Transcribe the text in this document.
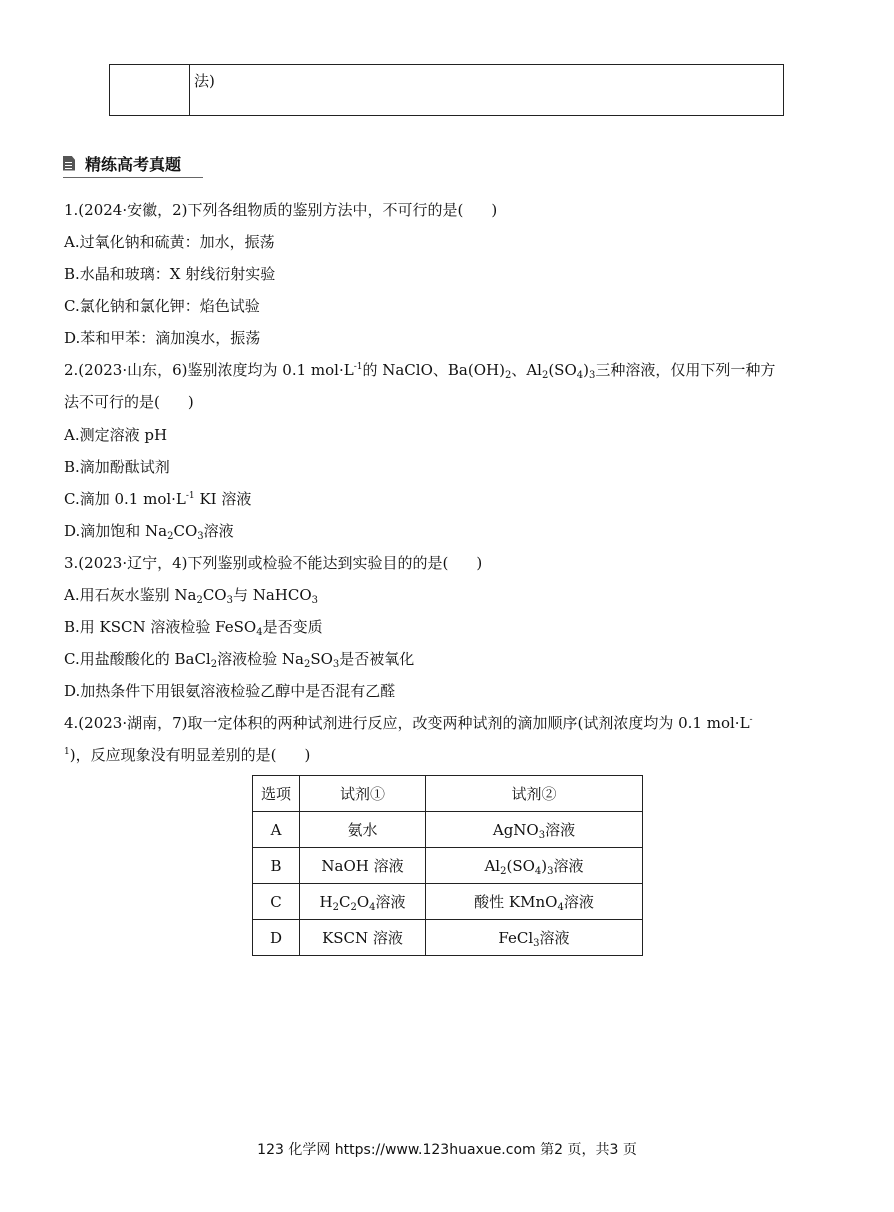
法)
精练高考真题
1.(2024·安徽，2)下列各组物质的鉴别方法中，不可行的是( )
A.过氧化钠和硫黄：加水，振荡
B.水晶和玻璃：X 射线衍射实验
C.氯化钠和氯化钾：焰色试验
D.苯和甲苯：滴加溴水，振荡
2.(2023·山东，6)鉴别浓度均为 0.1 $mol\cdot L^{-1}$的 NaClO、$Ba(OH)_2$、$Al_2(SO_4)_3$三种溶液，仅用下列一种方
法不可行的是( )
A.测定溶液 pH
B.滴加酚酞试剂
C.滴加 0.1 $mol\cdot L^{-1}$ KI 溶液
D.滴加饱和 $Na_2CO_3$溶液
3.(2023·辽宁，4)下列鉴别或检验不能达到实验目的的是( )
A.用石灰水鉴别 $Na_2CO_3$与 NaHCO$_3$
B.用 KSCN 溶液检验 FeSO$_4$是否变质
C.用盐酸酸化的 BaCl$_2$溶液检验 $Na_2SO_3$是否被氧化
D.加热条件下用银氨溶液检验乙醇中是否混有乙醛
4.(2023·湖南，7)取一定体积的两种试剂进行反应，改变两种试剂的滴加顺序(试剂浓度均为 0.1 mol·L-
$^1$)，反应现象没有明显差别的是( )
选项	试剂①	试剂②
A	氨水	AgNO$_3$溶液
B	NaOH 溶液	$Al_2(SO_4)_3$溶液
C	$H_2C_2O_4$溶液	酸性 KMnO$_4$溶液
D	KSCN 溶液	FeCl$_3$溶液
123 化学网 https://www.123huaxue.com 第2 页，共3 页
